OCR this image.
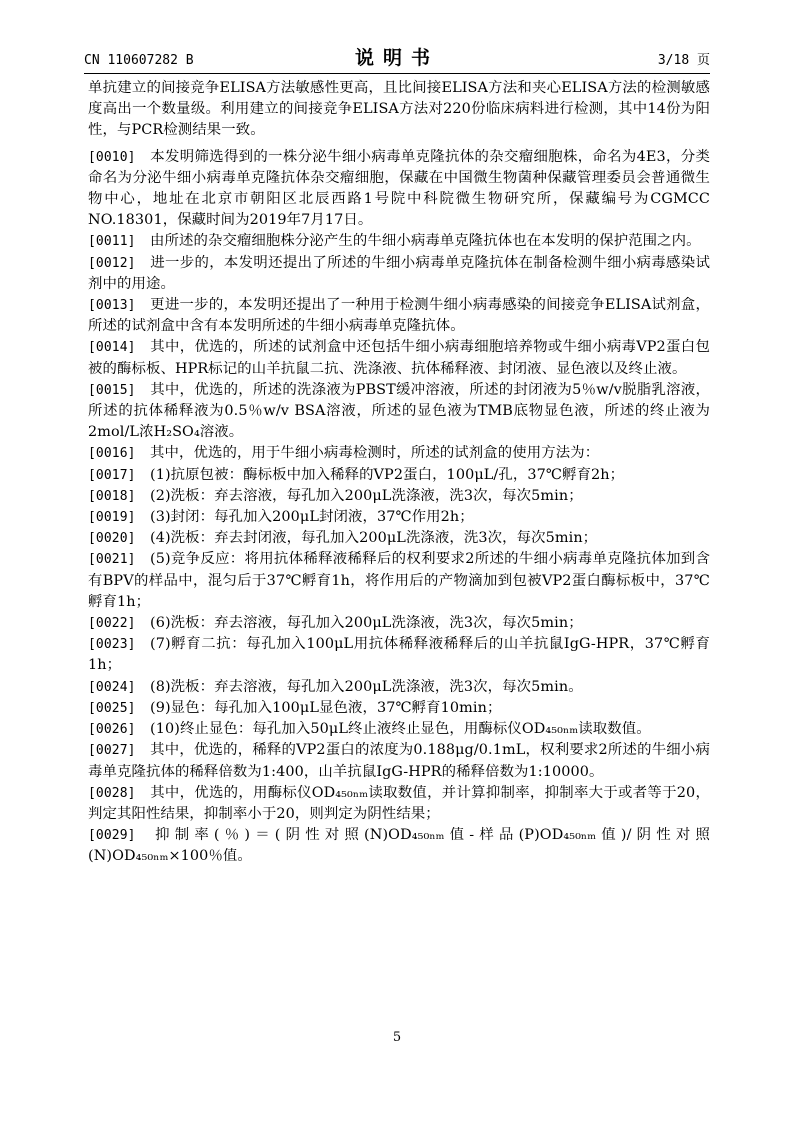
CN 110607282 B	说明书	3/18 页

单抗建立的间接竞争ELISA方法敏感性更高，且比间接ELISA方法和夹心ELISA方法的检测敏感度高出一个数量级。利用建立的间接竞争ELISA方法对220份临床病料进行检测，其中14份为阳性，与PCR检测结果一致。

[0010] 本发明筛选得到的一株分泌牛细小病毒单克隆抗体的杂交瘤细胞株，命名为4E3，分类命名为分泌牛细小病毒单克隆抗体杂交瘤细胞，保藏在中国微生物菌种保藏管理委员会普通微生物中心，地址在北京市朝阳区北辰西路1号院中科院微生物研究所，保藏编号为CGMCC NO.18301，保藏时间为2019年7月17日。

[0011] 由所述的杂交瘤细胞株分泌产生的牛细小病毒单克隆抗体也在本发明的保护范围之内。

[0012] 进一步的，本发明还提出了所述的牛细小病毒单克隆抗体在制备检测牛细小病毒感染试剂中的用途。

[0013] 更进一步的，本发明还提出了一种用于检测牛细小病毒感染的间接竞争ELISA试剂盒，所述的试剂盒中含有本发明所述的牛细小病毒单克隆抗体。

[0014] 其中，优选的，所述的试剂盒中还包括牛细小病毒细胞培养物或牛细小病毒VP2蛋白包被的酶标板、HPR标记的山羊抗鼠二抗、洗涤液、抗体稀释液、封闭液、显色液以及终止液。

[0015] 其中，优选的，所述的洗涤液为PBST缓冲溶液，所述的封闭液为5％w/v脱脂乳溶液，所述的抗体稀释液为0.5％w/v BSA溶液，所述的显色液为TMB底物显色液，所述的终止液为2mol/L浓H₂SO₄溶液。

[0016] 其中，优选的，用于牛细小病毒检测时，所述的试剂盒的使用方法为：

[0017] (1)抗原包被：酶标板中加入稀释的VP2蛋白，100μL/孔，37℃孵育2h；

[0018] (2)洗板：弃去溶液，每孔加入200μL洗涤液，洗3次，每次5min；

[0019] (3)封闭：每孔加入200μL封闭液，37℃作用2h；

[0020] (4)洗板：弃去封闭液，每孔加入200μL洗涤液，洗3次，每次5min；

[0021] (5)竞争反应：将用抗体稀释液稀释后的权利要求2所述的牛细小病毒单克隆抗体加到含有BPV的样品中，混匀后于37℃孵育1h，将作用后的产物滴加到包被VP2蛋白酶标板中，37℃孵育1h；

[0022] (6)洗板：弃去溶液，每孔加入200μL洗涤液，洗3次，每次5min；

[0023] (7)孵育二抗：每孔加入100μL用抗体稀释液稀释后的山羊抗鼠IgG-HPR，37℃孵育1h；

[0024] (8)洗板：弃去溶液，每孔加入200μL洗涤液，洗3次，每次5min。

[0025] (9)显色：每孔加入100μL显色液，37℃孵育10min；

[0026] (10)终止显色：每孔加入50μL终止液终止显色，用酶标仪OD₄₅₀ₙₘ读取数值。

[0027] 其中，优选的，稀释的VP2蛋白的浓度为0.188μg/0.1mL，权利要求2所述的牛细小病毒单克隆抗体的稀释倍数为1:400，山羊抗鼠IgG-HPR的稀释倍数为1:10000。

[0028] 其中，优选的，用酶标仪OD₄₅₀ₙₘ读取数值，并计算抑制率，抑制率大于或者等于20，判定其阳性结果，抑制率小于20，则判定为阴性结果；

[0029] 抑制率(％)＝(阴性对照(N)OD₄₅₀ₙₘ值-样品(P)OD₄₅₀ₙₘ值)/阴性对照(N)OD₄₅₀ₙₘ×100％值。

5
